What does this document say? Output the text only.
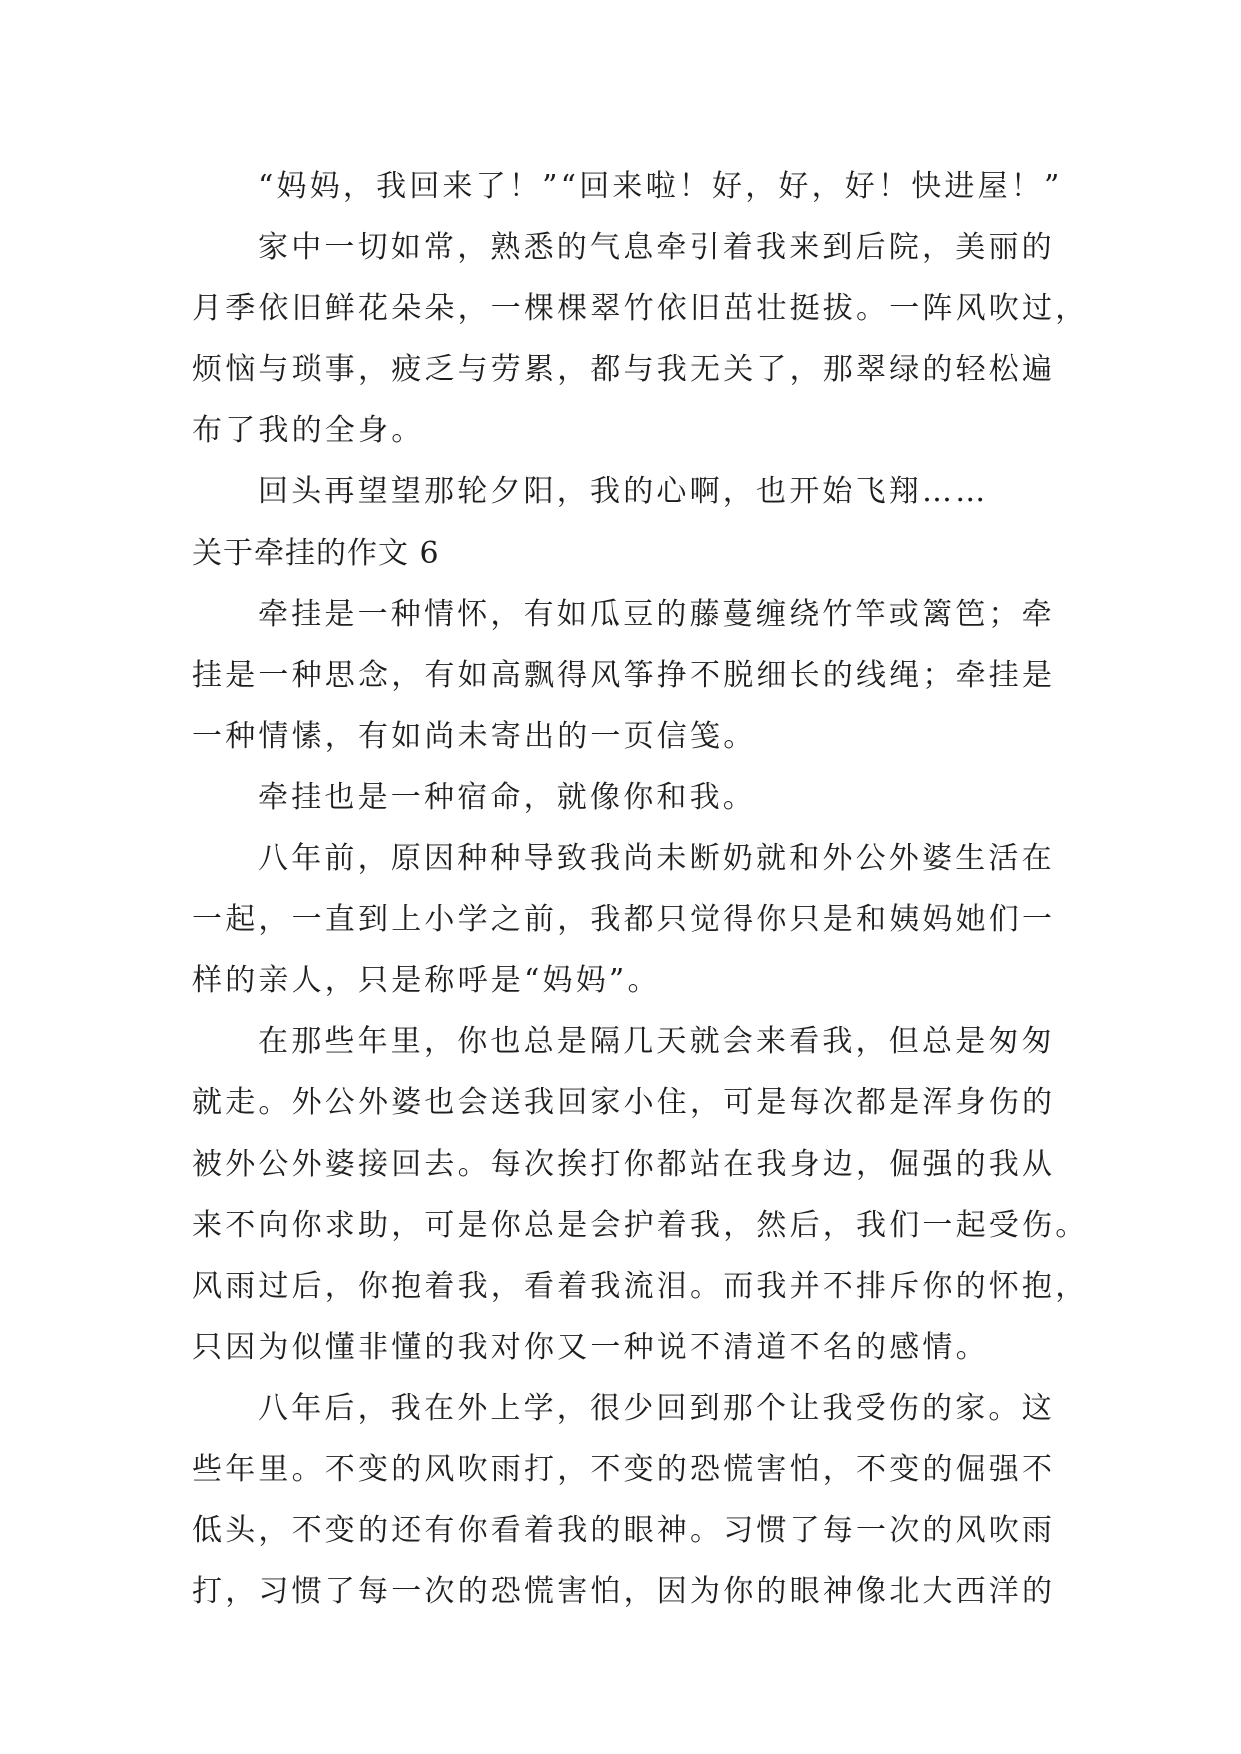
“妈妈，我回来了！”“回来啦！好，好，好！快进屋！”
家中一切如常，熟悉的气息牵引着我来到后院，美丽的
月季依旧鲜花朵朵，一棵棵翠竹依旧茁壮挺拔。一阵风吹过，
烦恼与琐事，疲乏与劳累，都与我无关了，那翠绿的轻松遍
布了我的全身。
回头再望望那轮夕阳，我的心啊，也开始飞翔……
关于牵挂的作文 6
牵挂是一种情怀，有如瓜豆的藤蔓缠绕竹竿或篱笆；牵
挂是一种思念，有如高飘得风筝挣不脱细长的线绳；牵挂是
一种情愫，有如尚未寄出的一页信笺。
牵挂也是一种宿命，就像你和我。
八年前，原因种种导致我尚未断奶就和外公外婆生活在
一起，一直到上小学之前，我都只觉得你只是和姨妈她们一
样的亲人，只是称呼是“妈妈”。
在那些年里，你也总是隔几天就会来看我，但总是匆匆
就走。外公外婆也会送我回家小住，可是每次都是浑身伤的
被外公外婆接回去。每次挨打你都站在我身边，倔强的我从
来不向你求助，可是你总是会护着我，然后，我们一起受伤。
风雨过后，你抱着我，看着我流泪。而我并不排斥你的怀抱，
只因为似懂非懂的我对你又一种说不清道不名的感情。
八年后，我在外上学，很少回到那个让我受伤的家。这
些年里。不变的风吹雨打，不变的恐慌害怕，不变的倔强不
低头，不变的还有你看着我的眼神。习惯了每一次的风吹雨
打，习惯了每一次的恐慌害怕，因为你的眼神像北大西洋的
